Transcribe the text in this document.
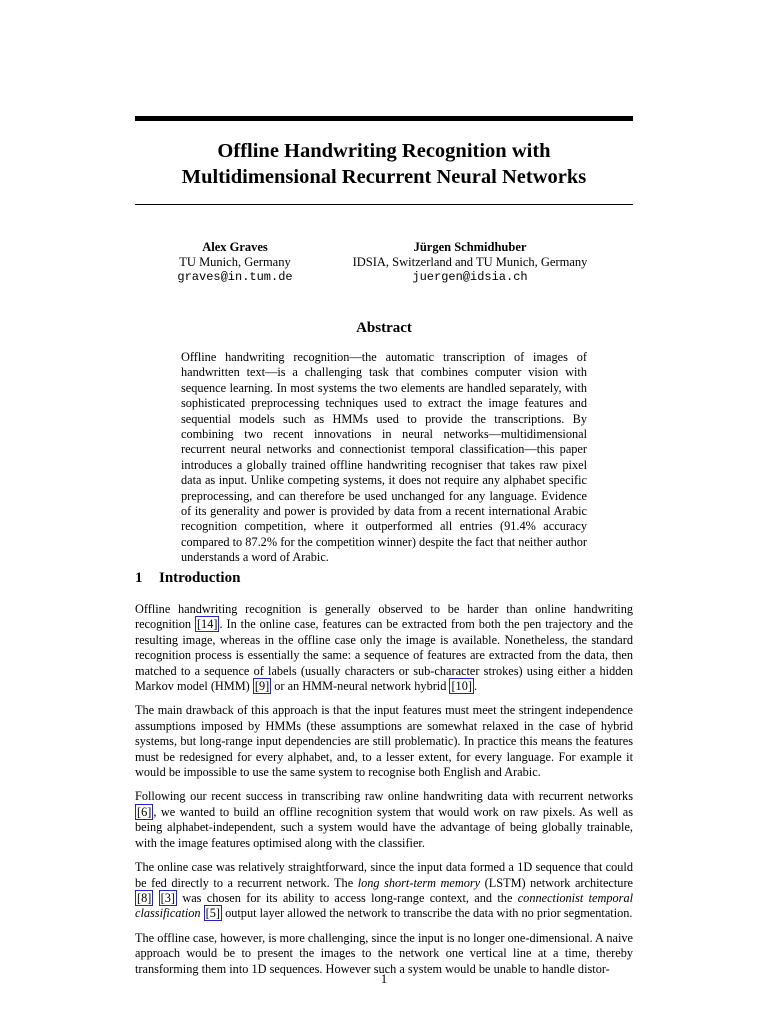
Offline Handwriting Recognition with
Multidimensional Recurrent Neural Networks
Alex Graves
TU Munich, Germany
graves@in.tum.de
Jürgen Schmidhuber
IDSIA, Switzerland and TU Munich, Germany
juergen@idsia.ch
Abstract
Offline handwriting recognition—the automatic transcription of images of handwritten text—is a challenging task that combines computer vision with sequence learning. In most systems the two elements are handled separately, with sophisticated preprocessing techniques used to extract the image features and sequential models such as HMMs used to provide the transcriptions. By combining two recent innovations in neural networks—multidimensional recurrent neural networks and connectionist temporal classification—this paper introduces a globally trained offline handwriting recogniser that takes raw pixel data as input. Unlike competing systems, it does not require any alphabet specific preprocessing, and can therefore be used unchanged for any language. Evidence of its generality and power is provided by data from a recent international Arabic recognition competition, where it outperformed all entries (91.4% accuracy compared to 87.2% for the competition winner) despite the fact that neither author understands a word of Arabic.
1 Introduction

Offline handwriting recognition is generally observed to be harder than online handwriting recognition [14] . In the online case, features can be extracted from both the pen trajectory and the resulting image, whereas in the offline case only the image is available. Nonetheless, the standard recognition process is essentially the same: a sequence of features are extracted from the data, then matched to a sequence of labels (usually characters or sub-character strokes) using either a hidden Markov model (HMM) [9] or an HMM-neural network hybrid [10] .

The main drawback of this approach is that the input features must meet the stringent independence assumptions imposed by HMMs (these assumptions are somewhat relaxed in the case of hybrid systems, but long-range input dependencies are still problematic). In practice this means the features must be redesigned for every alphabet, and, to a lesser extent, for every language. For example it would be impossible to use the same system to recognise both English and Arabic.

Following our recent success in transcribing raw online handwriting data with recurrent networks [6] , we wanted to build an offline recognition system that would work on raw pixels. As well as being alphabet-independent, such a system would have the advantage of being globally trainable, with the image features optimised along with the classifier.

The online case was relatively straightforward, since the input data formed a 1D sequence that could be fed directly to a recurrent network. The long short-term memory (LSTM) network architecture [8] [3] was chosen for its ability to access long-range context, and the connectionist temporal classification [5] output layer allowed the network to transcribe the data with no prior segmentation.

The offline case, however, is more challenging, since the input is no longer one-dimensional. A naive approach would be to present the images to the network one vertical line at a time, thereby transforming them into 1D sequences. However such a system would be unable to handle distor-

1
